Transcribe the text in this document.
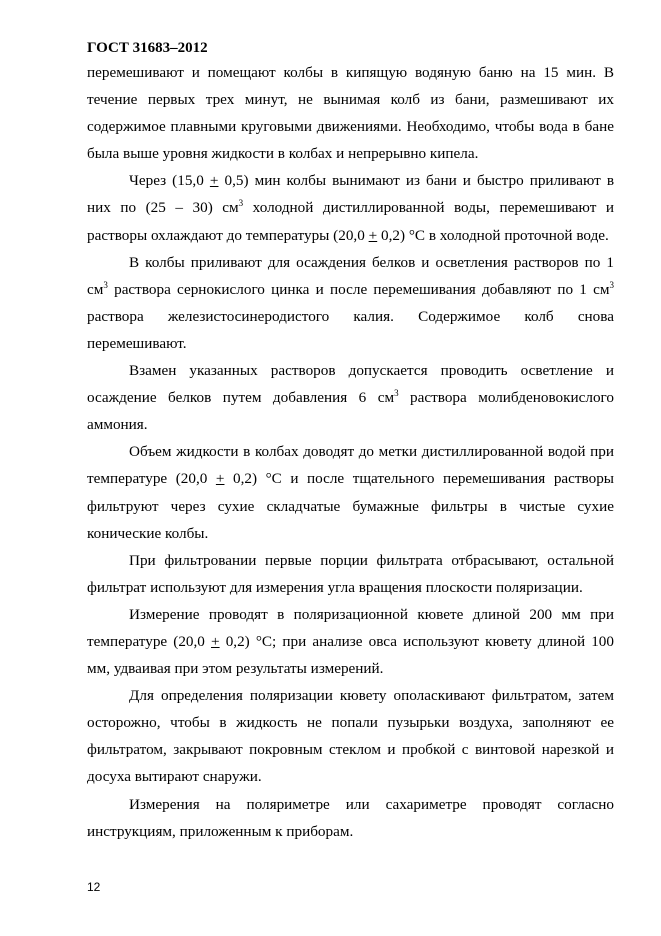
ГОСТ 31683–2012

перемешивают и помещают колбы в кипящую водяную баню на 15 мин. В течение первых трех минут, не вынимая колб из бани, размешивают их содержимое плавными круговыми движениями. Необходимо, чтобы вода в бане была выше уровня жидкости в колбах и непрерывно кипела.

Через (15,0 + 0,5) мин колбы вынимают из бани и быстро приливают в них по (25 – 30) $см^3$ холодной дистиллированной воды, перемешивают и растворы охлаждают до температуры (20,0 + 0,2) °С в холодной проточной воде.

В колбы приливают для осаждения белков и осветления растворов по 1 $см^3$ раствора сернокислого цинка и после перемешивания добавляют по 1 $см^3$ раствора железистосинеродистого калия. Содержимое колб снова перемешивают.

Взамен указанных растворов допускается проводить осветление и осаждение белков путем добавления 6 $см^3$ раствора молибденовокислого аммония.

Объем жидкости в колбах доводят до метки дистиллированной водой при температуре (20,0 + 0,2) °С и после тщательного перемешивания растворы фильтруют через сухие складчатые бумажные фильтры в чистые сухие конические колбы.

При фильтровании первые порции фильтрата отбрасывают, остальной фильтрат используют для измерения угла вращения плоскости поляризации.

Измерение проводят в поляризационной кювете длиной 200 мм при температуре (20,0 + 0,2) °С; при анализе овса используют кювету длиной 100 мм, удваивая при этом результаты измерений.

Для определения поляризации кювету ополаскивают фильтратом, затем осторожно, чтобы в жидкость не попали пузырьки воздуха, заполняют ее фильтратом, закрывают покровным стеклом и пробкой с винтовой нарезкой и досуха вытирают снаружи.

Измерения на поляриметре или сахариметре проводят согласно инструкциям, приложенным к приборам.

12
